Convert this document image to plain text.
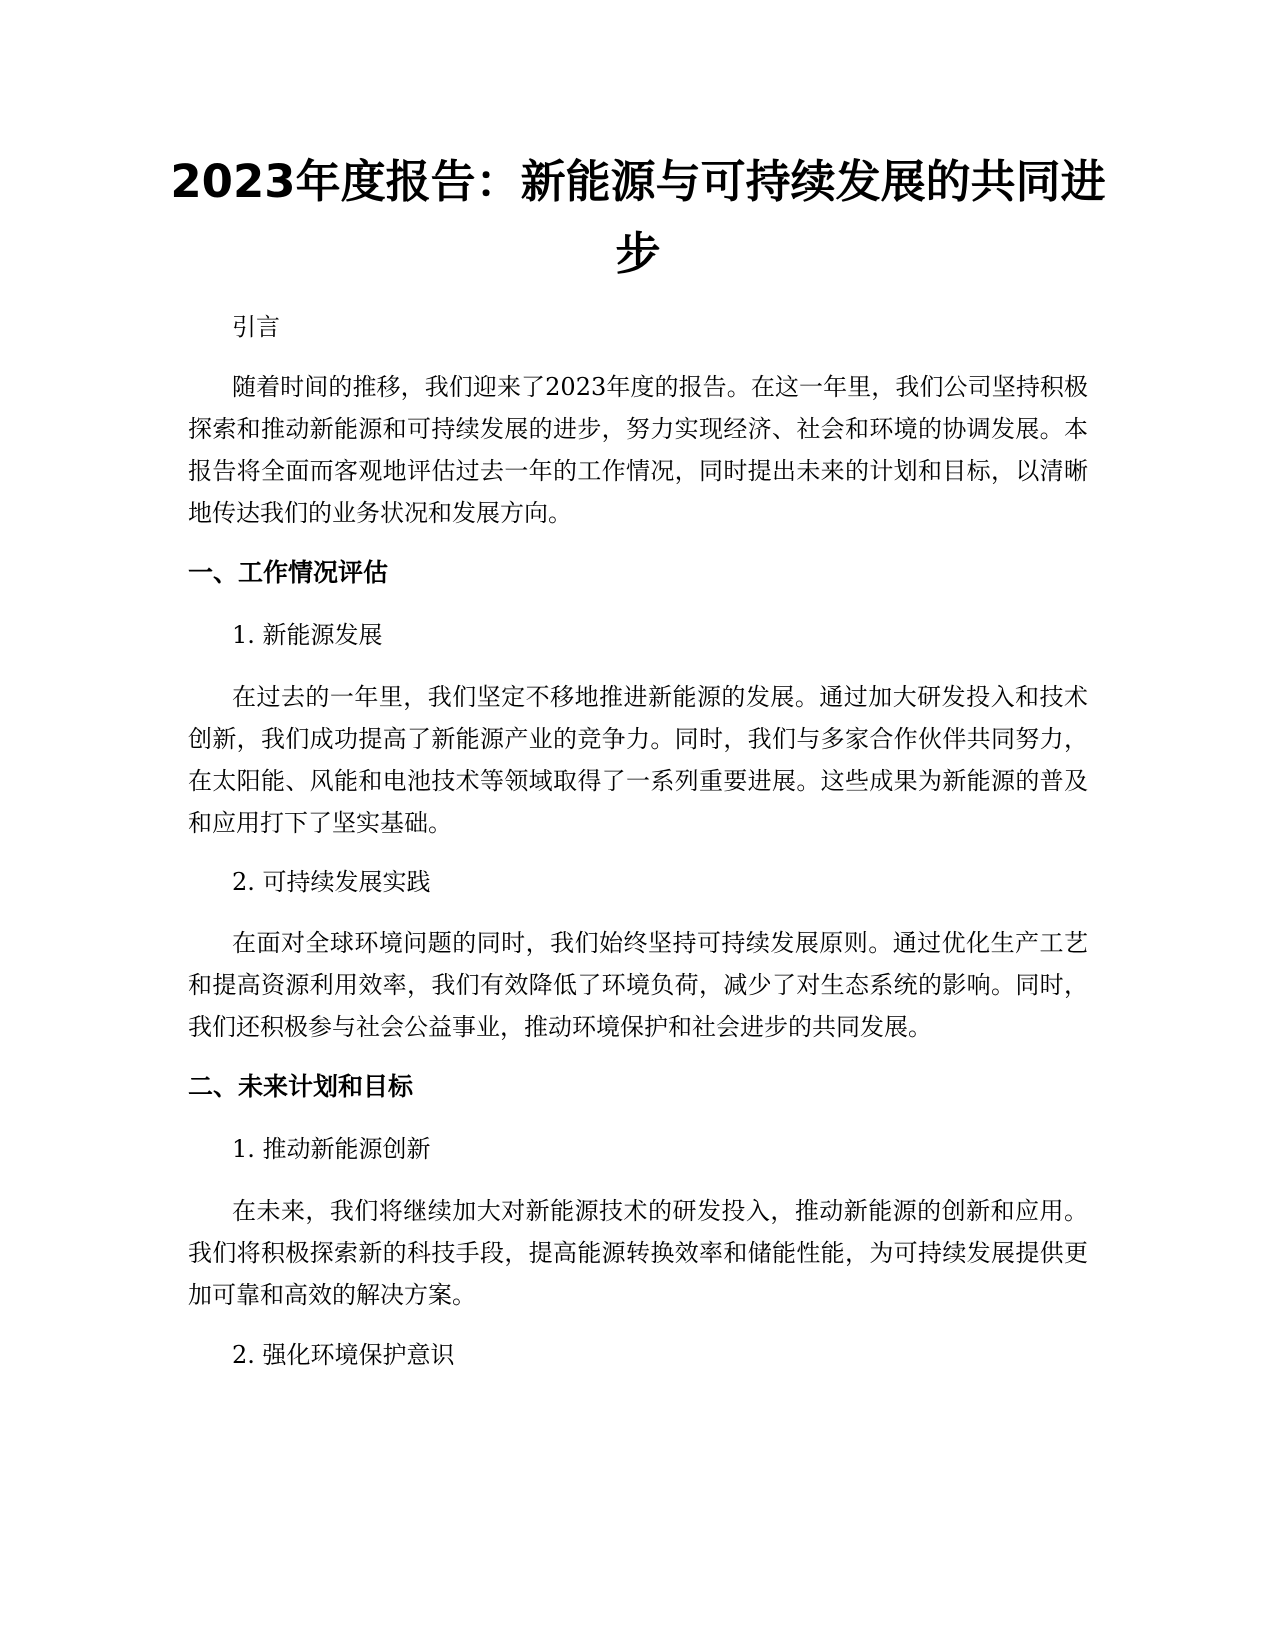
2023年度报告：新能源与可持续发展的共同进步

引言

随着时间的推移，我们迎来了2023年度的报告。在这一年里，我们公司坚持积极探索和推动新能源和可持续发展的进步，努力实现经济、社会和环境的协调发展。本报告将全面而客观地评估过去一年的工作情况，同时提出未来的计划和目标，以清晰地传达我们的业务状况和发展方向。

一、工作情况评估

1. 新能源发展

在过去的一年里，我们坚定不移地推进新能源的发展。通过加大研发投入和技术创新，我们成功提高了新能源产业的竞争力。同时，我们与多家合作伙伴共同努力，在太阳能、风能和电池技术等领域取得了一系列重要进展。这些成果为新能源的普及和应用打下了坚实基础。

2. 可持续发展实践

在面对全球环境问题的同时，我们始终坚持可持续发展原则。通过优化生产工艺和提高资源利用效率，我们有效降低了环境负荷，减少了对生态系统的影响。同时，我们还积极参与社会公益事业，推动环境保护和社会进步的共同发展。

二、未来计划和目标

1. 推动新能源创新

在未来，我们将继续加大对新能源技术的研发投入，推动新能源的创新和应用。我们将积极探索新的科技手段，提高能源转换效率和储能性能，为可持续发展提供更加可靠和高效的解决方案。

2. 强化环境保护意识
